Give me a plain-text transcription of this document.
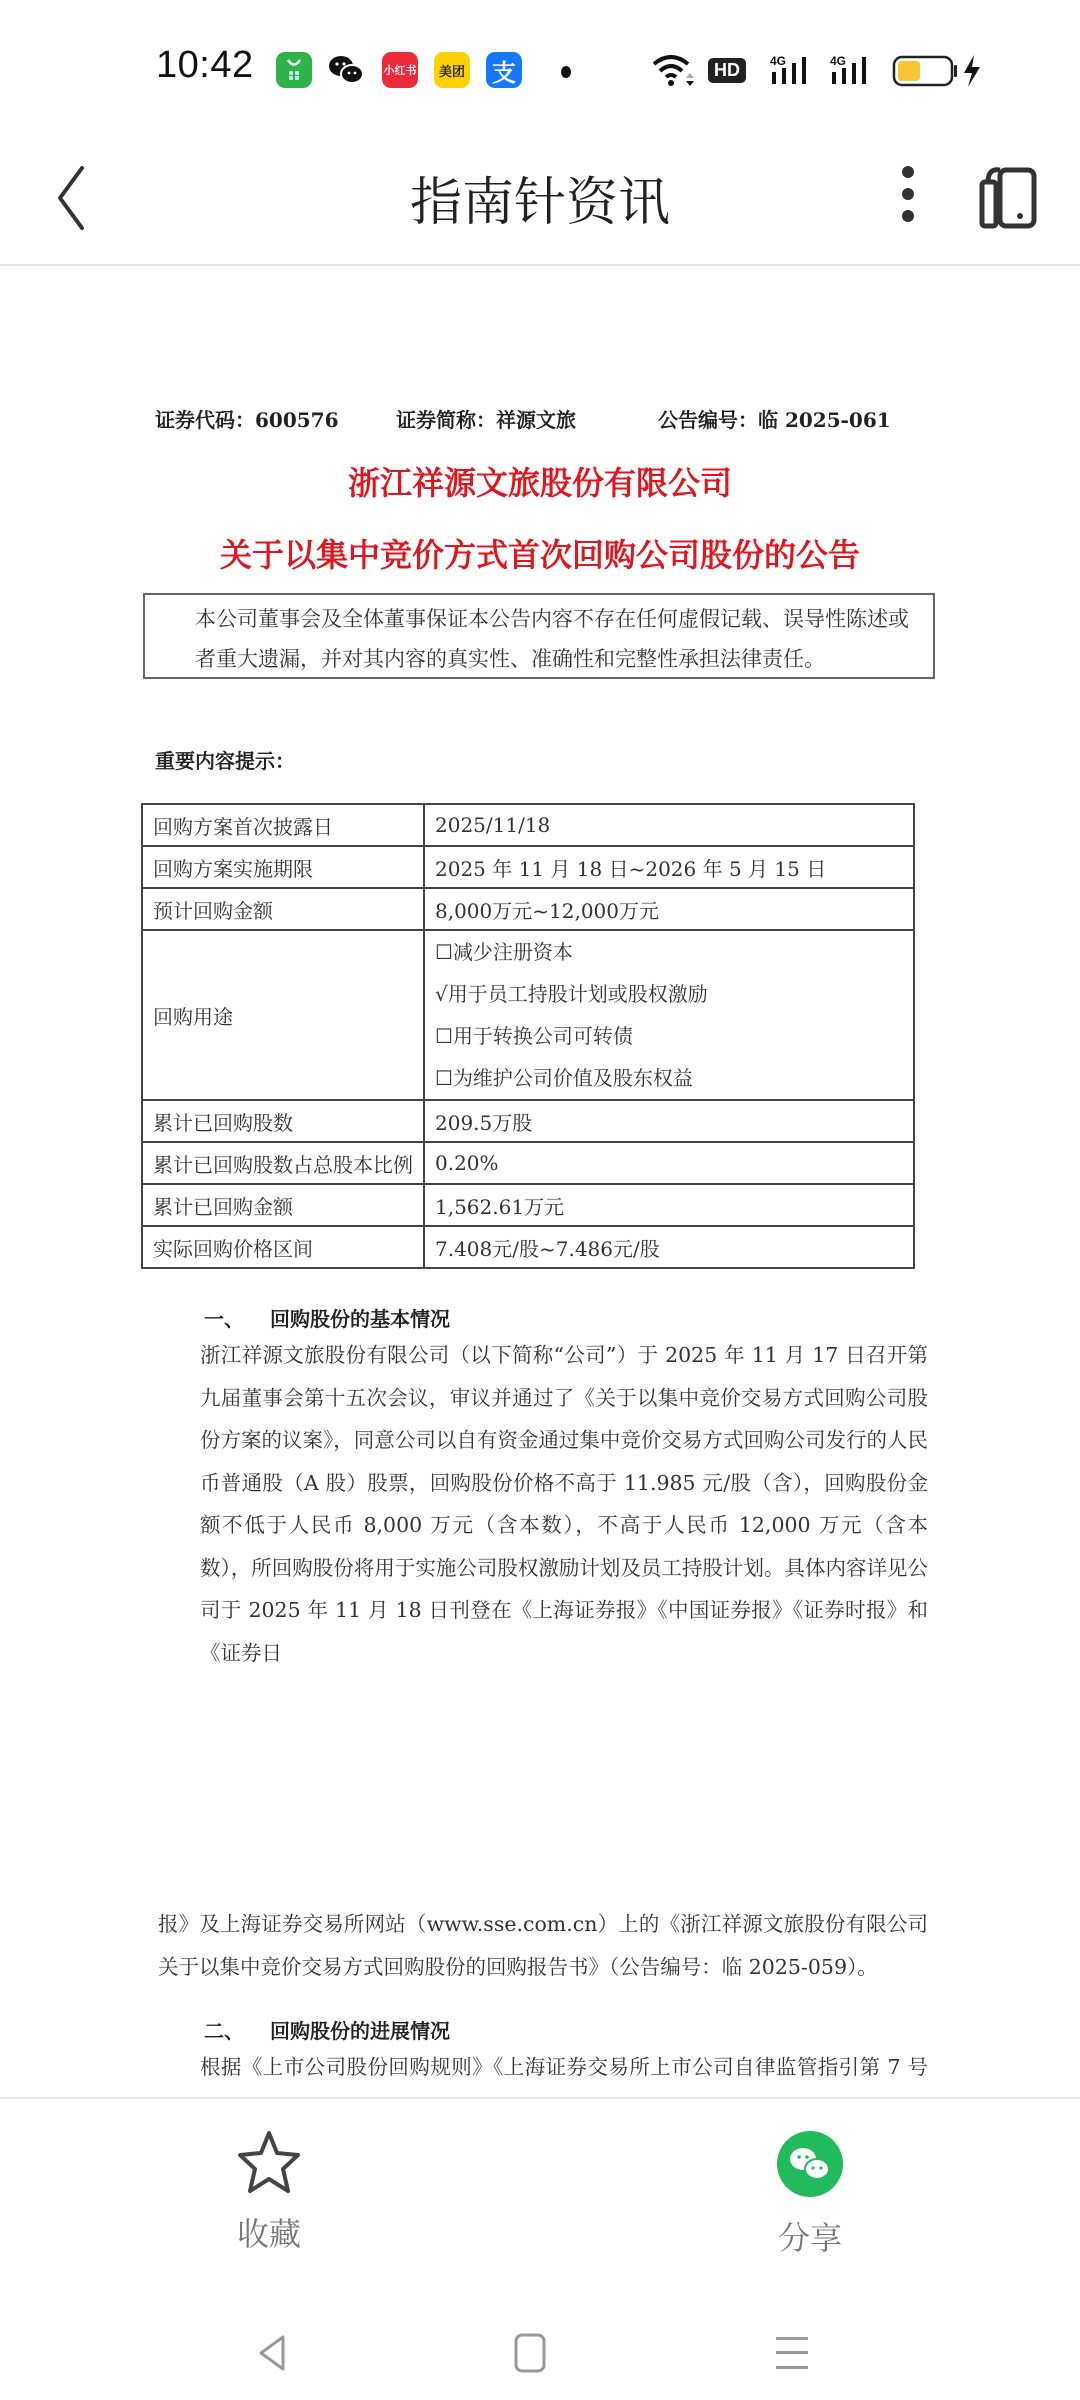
10:42	小红书	美团 支	HD	4G	4G
指南针资讯
证券代码：600576	证券简称：祥源文旅	公告编号：临 2025-061
浙江祥源文旅股份有限公司
关于以集中竞价方式首次回购公司股份的公告
本公司董事会及全体董事保证本公告内容不存在任何虚假记载、误导性陈述或者重大遗漏，并对其内容的真实性、准确性和完整性承担法律责任。
重要内容提示：
回购方案首次披露日	2025/11/18
回购方案实施期限	2025 年 11 月 18 日~2026 年 5 月 15 日
预计回购金额	8,000万元~12,000万元
回购用途	☐减少注册资本
√用于员工持股计划或股权激励
☐用于转换公司可转债
☐为维护公司价值及股东权益

累计已回购股数	209.5万股
累计已回购股数占总股本比例	0.20%
累计已回购金额	1,562.61万元
实际回购价格区间	7.408元/股~7.486元/股
一、 回购股份的基本情况
浙江祥源文旅股份有限公司（以下简称“公司”）于 2025 年 11 月 17 日召开第九届董事会第十五次会议，审议并通过了《关于以集中竞价交易方式回购公司股份方案的议案》，同意公司以自有资金通过集中竞价交易方式回购公司发行的人民币普通股（A 股）股票，回购股份价格不高于 11.985 元/股（含），回购股份金额不低于人民币 8,000 万元（含本数），不高于人民币 12,000 万元（含本数），所回购股份将用于实施公司股权激励计划及员工持股计划。具体内容详见公司于 2025 年 11 月 18 日刊登在《上海证券报》《中国证券报》《证券时报》和《证券日
报》及上海证券交易所网站（www.sse.com.cn）上的《浙江祥源文旅股份有限公司关于以集中竞价交易方式回购股份的回购报告书》（公告编号：临 2025-059）。
二、 回购股份的进展情况
根据《上市公司股份回购规则》《上海证券交易所上市公司自律监管指引第 7 号
收藏	分享
